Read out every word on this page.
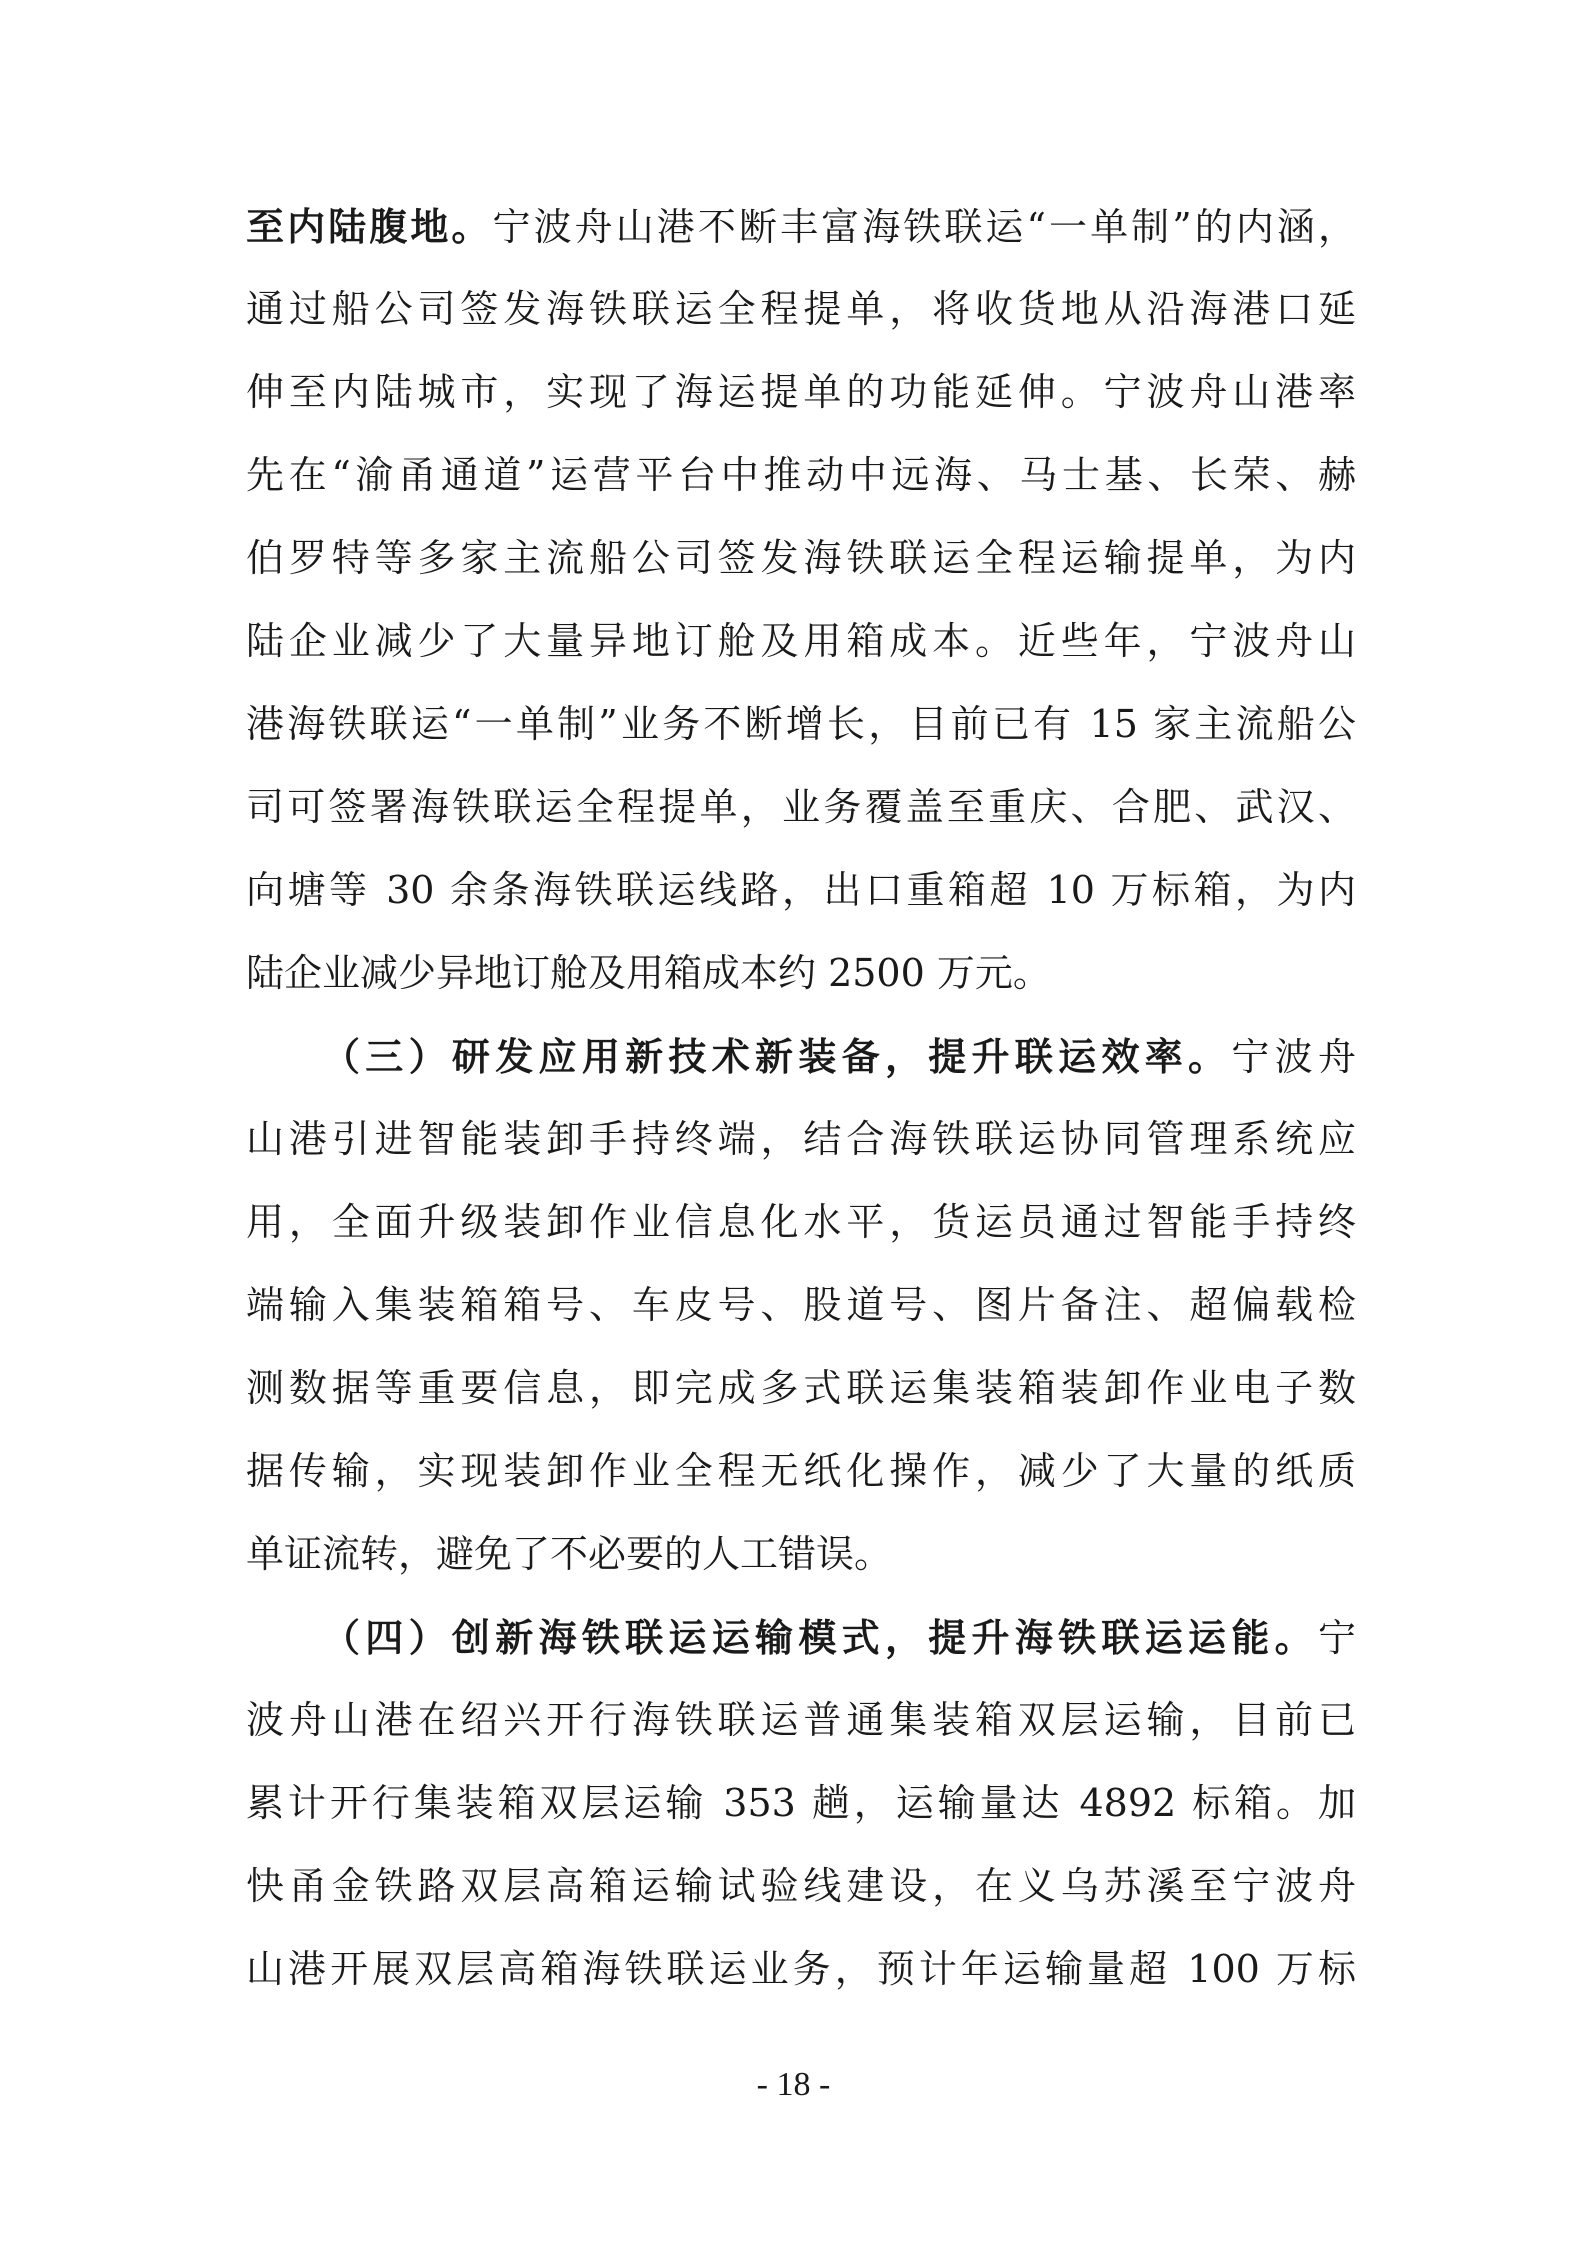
至内陆腹地。宁波舟山港不断丰富海铁联运“一单制”的内涵，
通过船公司签发海铁联运全程提单，将收货地从沿海港口延
伸至内陆城市，实现了海运提单的功能延伸。宁波舟山港率
先在“渝甬通道”运营平台中推动中远海、马士基、长荣、赫
伯罗特等多家主流船公司签发海铁联运全程运输提单，为内
陆企业减少了大量异地订舱及用箱成本。近些年，宁波舟山
港海铁联运“一单制”业务不断增长，目前已有 15 家主流船公
司可签署海铁联运全程提单，业务覆盖至重庆、合肥、武汉、
向塘等 30 余条海铁联运线路，出口重箱超 10 万标箱，为内
陆企业减少异地订舱及用箱成本约 2500 万元。
（三）研发应用新技术新装备，提升联运效率。宁波舟
山港引进智能装卸手持终端，结合海铁联运协同管理系统应
用，全面升级装卸作业信息化水平，货运员通过智能手持终
端输入集装箱箱号、车皮号、股道号、图片备注、超偏载检
测数据等重要信息，即完成多式联运集装箱装卸作业电子数
据传输，实现装卸作业全程无纸化操作，减少了大量的纸质
单证流转，避免了不必要的人工错误。
（四）创新海铁联运运输模式，提升海铁联运运能。宁
波舟山港在绍兴开行海铁联运普通集装箱双层运输，目前已
累计开行集装箱双层运输 353 趟，运输量达 4892 标箱。加
快甬金铁路双层高箱运输试验线建设，在义乌苏溪至宁波舟
山港开展双层高箱海铁联运业务，预计年运输量超 100 万标
- 18 -
